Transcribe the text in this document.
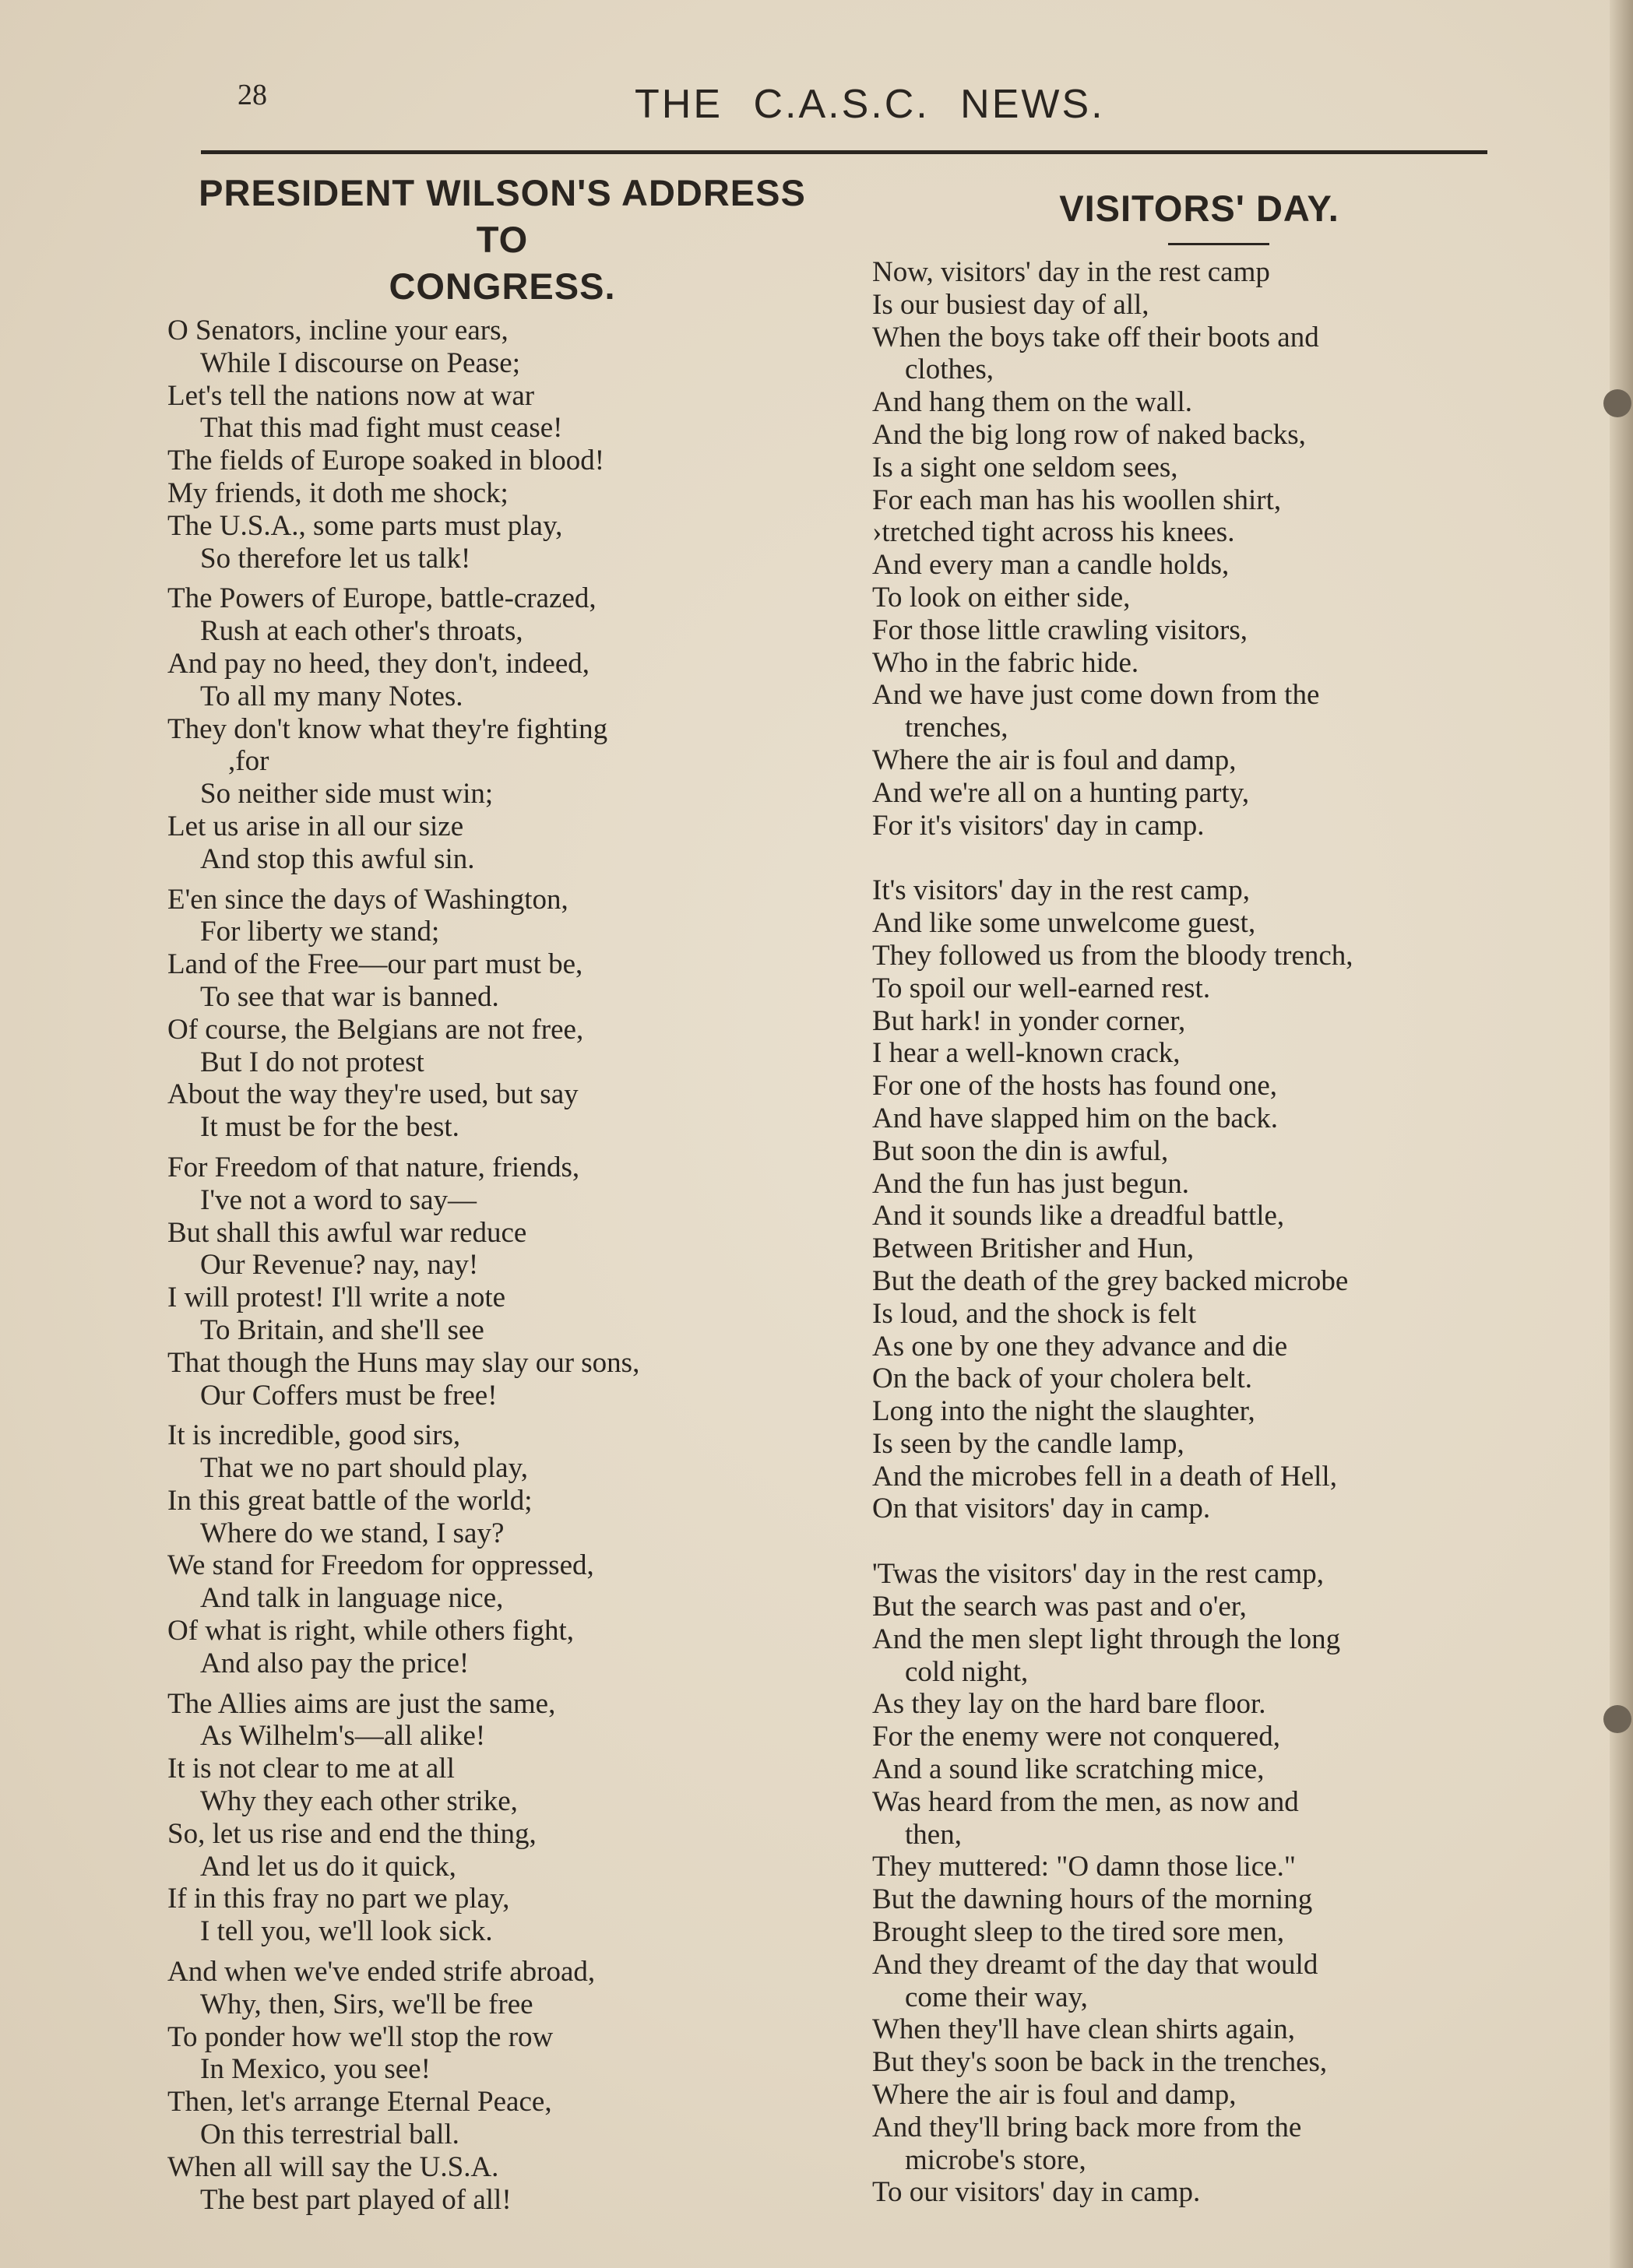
28	THE C.A.S.C. NEWS.
PRESIDENT WILSON'S ADDRESS TO
CONGRESS.
O Senators, incline your ears,
While I discourse on Pease;
Let's tell the nations now at war
That this mad fight must cease!
The fields of Europe soaked in blood!
My friends, it doth me shock;
The U.S.A., some parts must play,
So therefore let us talk!
The Powers of Europe, battle-crazed,
Rush at each other's throats,
And pay no heed, they don't, indeed,
To all my many Notes.
They don't know what they're fighting
,for
So neither side must win;
Let us arise in all our size
And stop this awful sin.
E'en since the days of Washington,
For liberty we stand;
Land of the Free—our part must be,
To see that war is banned.
Of course, the Belgians are not free,
But I do not protest
About the way they're used, but say
It must be for the best.
For Freedom of that nature, friends,
I've not a word to say—
But shall this awful war reduce
Our Revenue? nay, nay!
I will protest! I'll write a note
To Britain, and she'll see
That though the Huns may slay our sons,
Our Coffers must be free!
It is incredible, good sirs,
That we no part should play,
In this great battle of the world;
Where do we stand, I say?
We stand for Freedom for oppressed,
And talk in language nice,
Of what is right, while others fight,
And also pay the price!
The Allies aims are just the same,
As Wilhelm's—all alike!
It is not clear to me at all
Why they each other strike,
So, let us rise and end the thing,
And let us do it quick,
If in this fray no part we play,
I tell you, we'll look sick.
And when we've ended strife abroad,
Why, then, Sirs, we'll be free
To ponder how we'll stop the row
In Mexico, you see!
Then, let's arrange Eternal Peace,
On this terrestrial ball.
When all will say the U.S.A.
The best part played of all!
VISITORS' DAY.
Now, visitors' day in the rest camp
Is our busiest day of all,
When the boys take off their boots and
clothes,
And hang them on the wall.
And the big long row of naked backs,
Is a sight one seldom sees,
For each man has his woollen shirt,
›tretched tight across his knees.
And every man a candle holds,
To look on either side,
For those little crawling visitors,
Who in the fabric hide.
And we have just come down from the
trenches,
Where the air is foul and damp,
And we're all on a hunting party,
For it's visitors' day in camp.
It's visitors' day in the rest camp,
And like some unwelcome guest,
They followed us from the bloody trench,
To spoil our well-earned rest.
But hark! in yonder corner,
I hear a well-known crack,
For one of the hosts has found one,
And have slapped him on the back.
But soon the din is awful,
And the fun has just begun.
And it sounds like a dreadful battle,
Between Britisher and Hun,
But the death of the grey backed microbe
Is loud, and the shock is felt
As one by one they advance and die
On the back of your cholera belt.
Long into the night the slaughter,
Is seen by the candle lamp,
And the microbes fell in a death of Hell,
On that visitors' day in camp.
'Twas the visitors' day in the rest camp,
But the search was past and o'er,
And the men slept light through the long
cold night,
As they lay on the hard bare floor.
For the enemy were not conquered,
And a sound like scratching mice,
Was heard from the men, as now and
then,
They muttered: "O damn those lice."
But the dawning hours of the morning
Brought sleep to the tired sore men,
And they dreamt of the day that would
come their way,
When they'll have clean shirts again,
But they's soon be back in the trenches,
Where the air is foul and damp,
And they'll bring back more from the
microbe's store,
To our visitors' day in camp.
